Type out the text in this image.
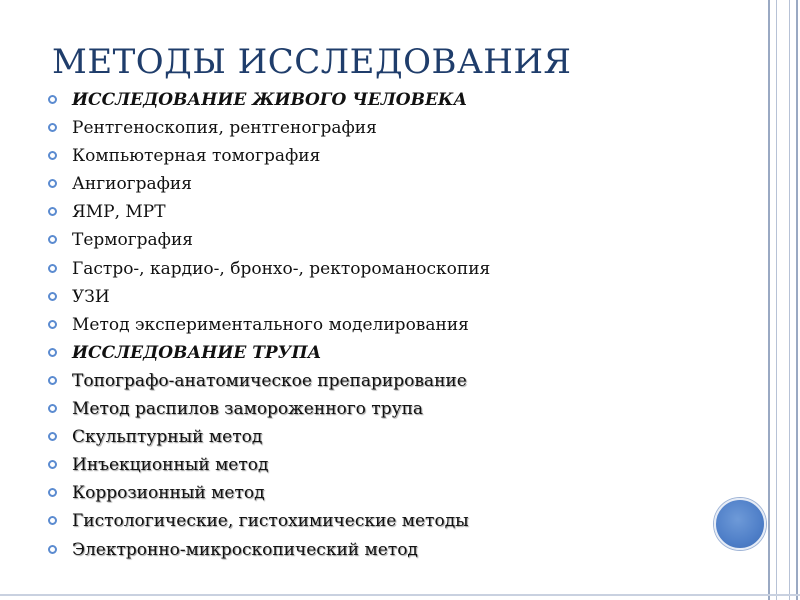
МЕТОДЫ ИССЛЕДОВАНИЯ
ИССЛЕДОВАНИЕ ЖИВОГО ЧЕЛОВЕКА
Рентгеноскопия, рентгенография
Компьютерная томография
Ангиография
ЯМР, МРТ
Термография
Гастро-, кардио-, бронхо-, ректороманоскопия
УЗИ
Метод экспериментального моделирования
ИССЛЕДОВАНИЕ ТРУПА
Топографо-анатомическое препарирование
Метод распилов замороженного трупа
Скульптурный метод
Инъекционный метод
Коррозионный метод
Гистологические, гистохимические методы
Электронно-микроскопический метод
